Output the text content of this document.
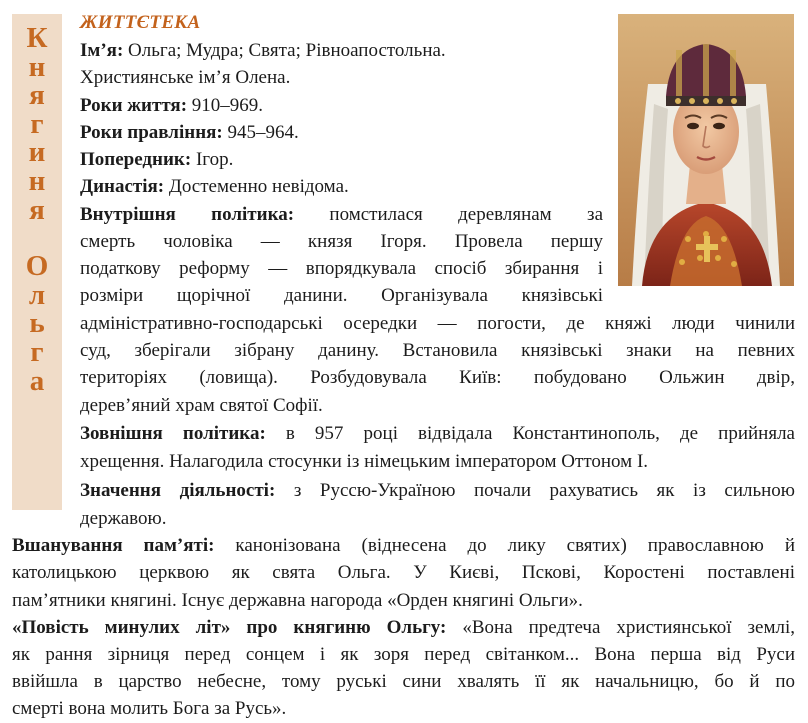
К
н
я
г
и
н
я
О
л
ь
г
а
ЖИТТЄТЕКА
Ім’я: Ольга; Мудра; Свята; Рівноапостольна.
Християнське ім’я Олена.
Роки життя: 910–969.
Роки правління: 945–964.
Попередник: Ігор.
Династія: Достеменно невідома.
Внутрішня політика: помстилася деревлянам за
смерть чоловіка — князя Ігоря. Провела першу
податкову реформу — впорядкувала спосіб збирання і
розміри щорічної данини. Організувала князівські
адміністративно-господарські осередки — погости, де княжі люди чинили
суд, зберігали зібрану данину. Встановила князівські знаки на певних
територіях (ловища). Розбудовувала Київ: побудовано Ольжин двір,
дерев’яний храм святої Софії.
Зовнішня політика: в 957 році відвідала Константинополь, де прийняла
хрещення. Налагодила стосунки із німецьким імператором Оттоном І.
Значення діяльності: з Руссю-Україною почали рахуватись як із сильною
державою.
Вшанування пам’яті: канонізована (віднесена до лику святих) православною й
католицькою церквою як свята Ольга. У Києві, Пскові, Коростені поставлені
пам’ятники княгині. Існує державна нагорода «Орден княгині Ольги».
«Повість минулих літ» про княгиню Ольгу: «Вона предтеча християнської землі,
як рання зірниця перед сонцем і як зоря перед світанком... Вона перша від Руси
ввійшла в царство небесне, тому руські сини хвалять її як начальницю, бо й по
смерті вона молить Бога за Русь».
